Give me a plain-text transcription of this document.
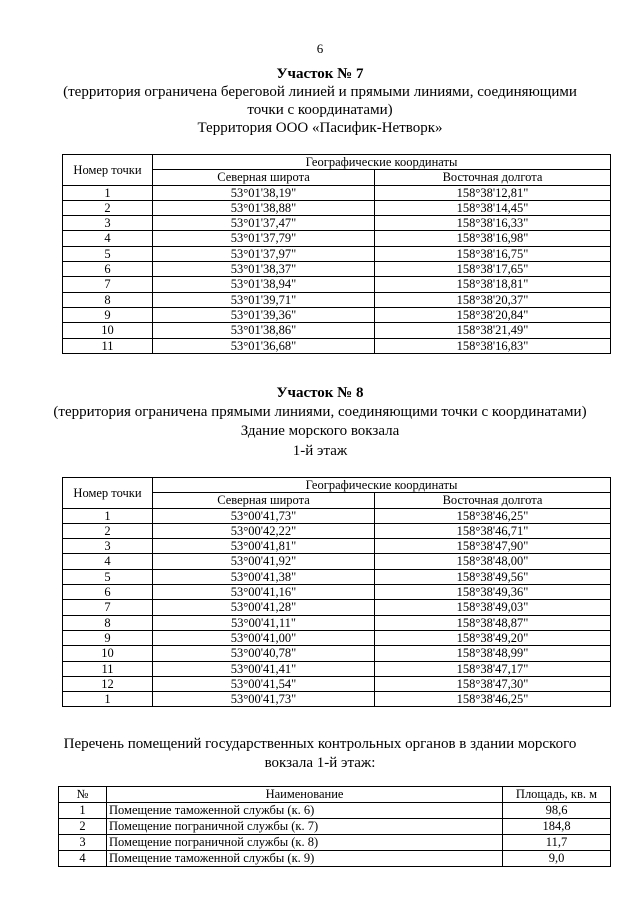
6
Участок № 7
(территория ограничена береговой линией и прямыми линиями, соединяющими
точки с координатами)
Территория ООО «Пасифик-Нетворк»
Номер точки	Географические координаты	
	Северная широта	Восточная долгота
1	53°01'38,19"	158°38'12,81"
2	53°01'38,88"	158°38'14,45"
3	53°01'37,47"	158°38'16,33"
4	53°01'37,79"	158°38'16,98"
5	53°01'37,97"	158°38'16,75"
6	53°01'38,37"	158°38'17,65"
7	53°01'38,94"	158°38'18,81"
8	53°01'39,71"	158°38'20,37"
9	53°01'39,36"	158°38'20,84"
10	53°01'38,86"	158°38'21,49"
11	53°01'36,68"	158°38'16,83"
Участок № 8
(территория ограничена прямыми линиями, соединяющими точки с координатами)
Здание морского вокзала
1-й этаж
Номер точки	Географические координаты	
	Северная широта	Восточная долгота
1	53°00'41,73"	158°38'46,25"
2	53°00'42,22"	158°38'46,71"
3	53°00'41,81"	158°38'47,90"
4	53°00'41,92"	158°38'48,00"
5	53°00'41,38"	158°38'49,56"
6	53°00'41,16"	158°38'49,36"
7	53°00'41,28"	158°38'49,03"
8	53°00'41,11"	158°38'48,87"
9	53°00'41,00"	158°38'49,20"
10	53°00'40,78"	158°38'48,99"
11	53°00'41,41"	158°38'47,17"
12	53°00'41,54"	158°38'47,30"
1	53°00'41,73"	158°38'46,25"
Перечень помещений государственных контрольных органов в здании морского
вокзала 1-й этаж:
№	Наименование	Площадь, кв. м
1	Помещение таможенной службы (к. 6)	98,6
2	Помещение пограничной службы (к. 7)	184,8
3	Помещение пограничной службы (к. 8)	11,7
4	Помещение таможенной службы (к. 9)	9,0
